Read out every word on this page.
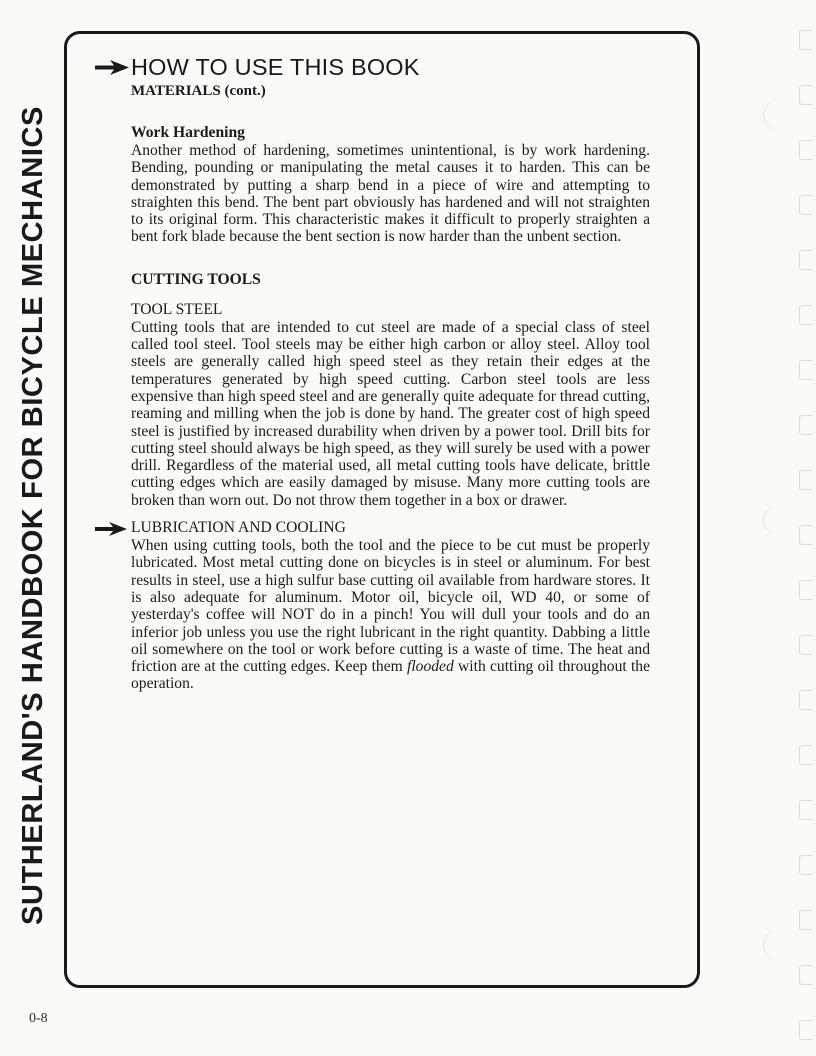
SUTHERLAND'S HANDBOOK FOR BICYCLE MECHANICS
HOW TO USE THIS BOOK

MATERIALS (cont.)

Work Hardening

Another method of hardening, sometimes unintentional, is by work hardening. Bending, pounding or manipulating the metal causes it to harden. This can be demonstrated by putting a sharp bend in a piece of wire and attempting to straighten this bend. The bent part obviously has hardened and will not straighten to its original form. This characteristic makes it difficult to properly straighten a bent fork blade because the bent section is now harder than the unbent section.

CUTTING TOOLS

TOOL STEEL

Cutting tools that are intended to cut steel are made of a special class of steel called tool steel. Tool steels may be either high carbon or alloy steel. Alloy tool steels are generally called high speed steel as they retain their edges at the temperatures generated by high speed cutting. Carbon steel tools are less expensive than high speed steel and are generally quite adequate for thread cutting, reaming and milling when the job is done by hand. The greater cost of high speed steel is justified by increased durability when driven by a power tool. Drill bits for cutting steel should always be high speed, as they will surely be used with a power drill. Regardless of the material used, all metal cutting tools have delicate, brittle cutting edges which are easily damaged by misuse. Many more cutting tools are broken than worn out. Do not throw them together in a box or drawer.

LUBRICATION AND COOLING

When using cutting tools, both the tool and the piece to be cut must be properly lubricated. Most metal cutting done on bicycles is in steel or aluminum. For best results in steel, use a high sulfur base cutting oil available from hardware stores. It is also adequate for aluminum. Motor oil, bicycle oil, WD 40, or some of yesterday's coffee will NOT do in a pinch! You will dull your tools and do an inferior job unless you use the right lubricant in the right quantity. Dabbing a little oil somewhere on the tool or work before cutting is a waste of time. The heat and friction are at the cutting edges. Keep them flooded with cutting oil throughout the operation.

0-8
